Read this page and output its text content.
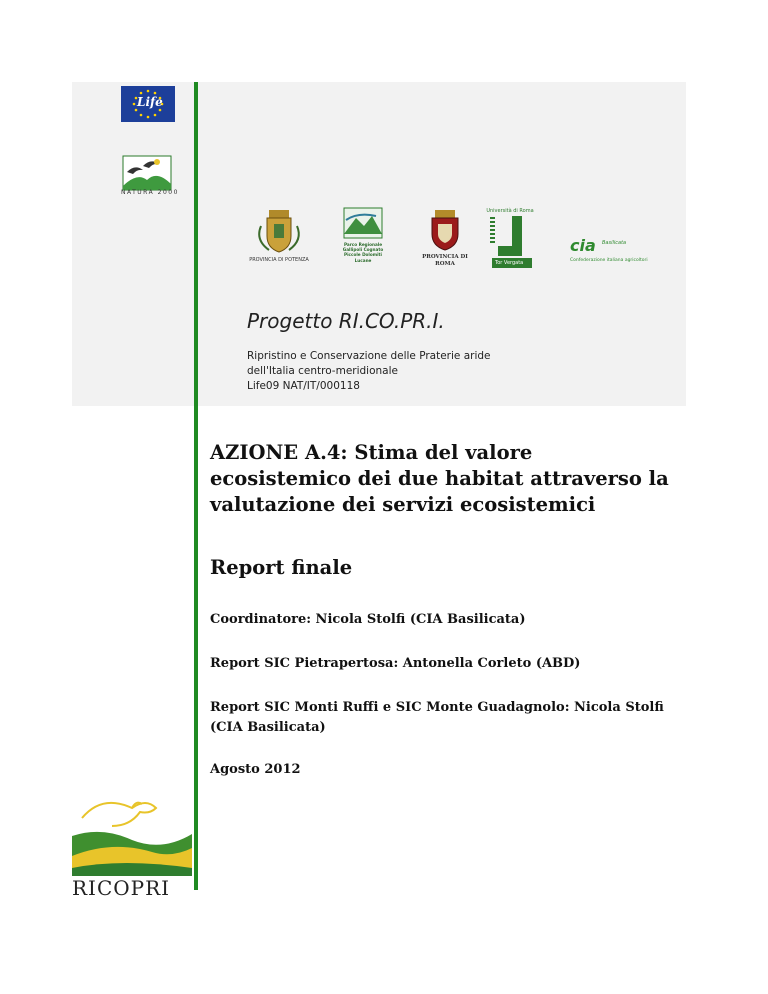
Life
NATURA 2000
PROVINCIA DI POTENZA
Parco Regionale Gallipoli Cognato Piccole Dolomiti Lucane
PROVINCIA DI ROMA
Università di Roma
Tor Vergata
cia Basilicata
Confederazione italiana agricoltori
Progetto RI.CO.PR.I.
Ripristino e Conservazione delle Praterie aride
dell'Italia centro-meridionale
Life09 NAT/IT/000118
AZIONE A.4: Stima del valore ecosistemico dei due habitat attraverso la valutazione dei servizi ecosistemici
Report finale

Coordinatore: Nicola Stolfi (CIA Basilicata)

Report SIC Pietrapertosa: Antonella Corleto (ABD)

Report SIC Monti Ruffi e SIC Monte Guadagnolo: Nicola Stolfi (CIA Basilicata)

Agosto 2012

RICOPRI
